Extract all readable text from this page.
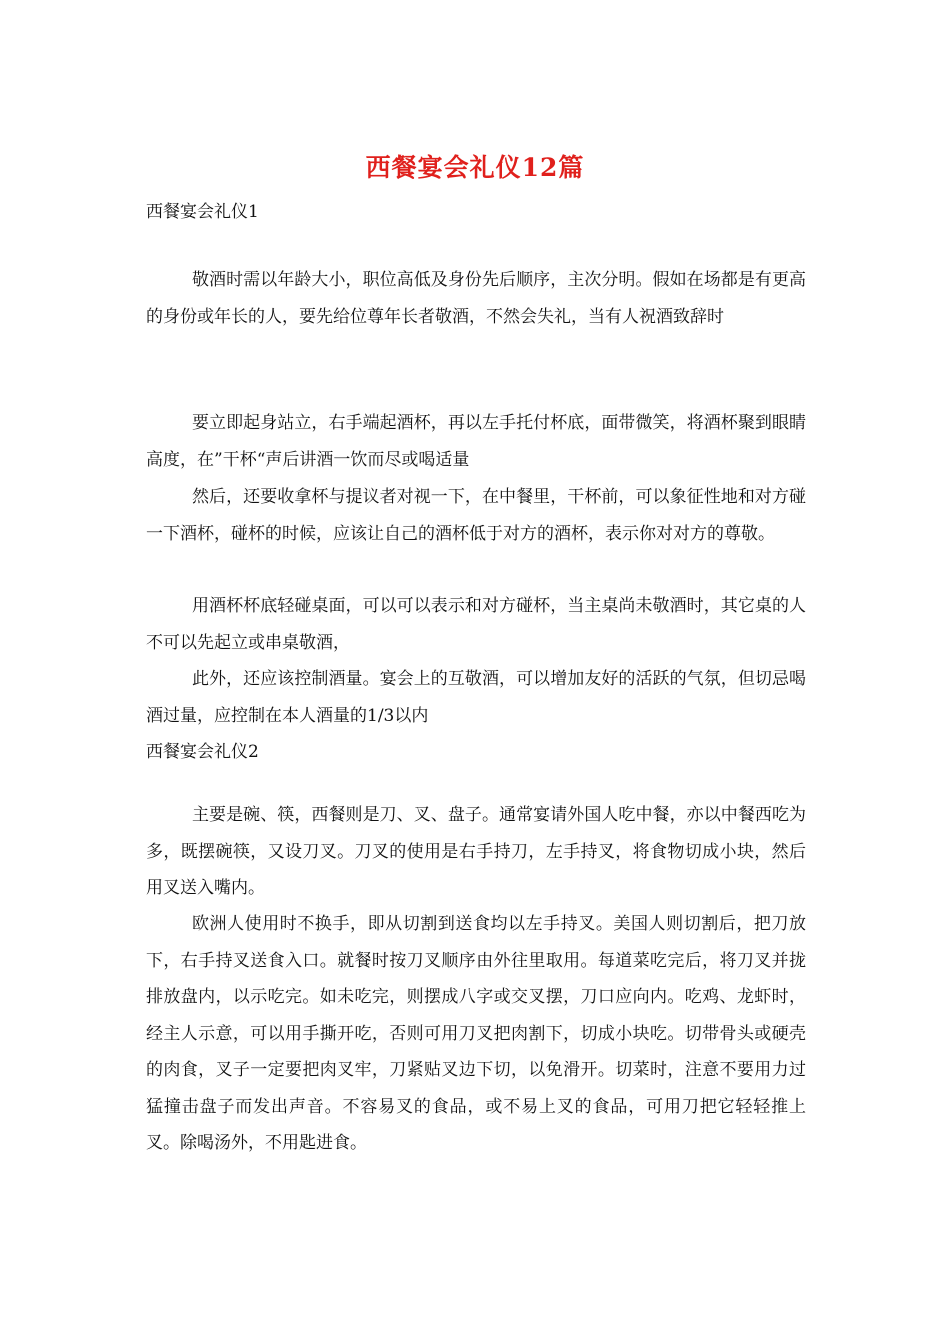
西餐宴会礼仪12篇
西餐宴会礼仪1

敬酒时需以年龄大小，职位高低及身份先后顺序，主次分明。假如在场都是有更高的身份或年长的人，要先给位尊年长者敬酒，不然会失礼，当有人祝酒致辞时

要立即起身站立，右手端起酒杯，再以左手托付杯底，面带微笑，将酒杯聚到眼睛高度，在”干杯“声后讲酒一饮而尽或喝适量

然后，还要收拿杯与提议者对视一下，在中餐里，干杯前，可以象征性地和对方碰一下酒杯，碰杯的时候，应该让自己的酒杯低于对方的酒杯，表示你对对方的尊敬。

用酒杯杯底轻碰桌面，可以可以表示和对方碰杯，当主桌尚未敬酒时，其它桌的人不可以先起立或串桌敬酒，

此外，还应该控制酒量。宴会上的互敬酒，可以增加友好的活跃的气氛，但切忌喝酒过量，应控制在本人酒量的1/3以内

西餐宴会礼仪2

主要是碗、筷，西餐则是刀、叉、盘子。通常宴请外国人吃中餐，亦以中餐西吃为多，既摆碗筷，又设刀叉。刀叉的使用是右手持刀，左手持叉，将食物切成小块，然后用叉送入嘴内。

欧洲人使用时不换手，即从切割到送食均以左手持叉。美国人则切割后，把刀放下，右手持叉送食入口。就餐时按刀叉顺序由外往里取用。每道菜吃完后，将刀叉并拢排放盘内，以示吃完。如未吃完，则摆成八字或交叉摆，刀口应向内。吃鸡、龙虾时，经主人示意，可以用手撕开吃，否则可用刀叉把肉割下，切成小块吃。切带骨头或硬壳的肉食，叉子一定要把肉叉牢，刀紧贴叉边下切，以免滑开。切菜时，注意不要用力过猛撞击盘子而发出声音。不容易叉的食品，或不易上叉的食品，可用刀把它轻轻推上叉。除喝汤外，不用匙进食。
